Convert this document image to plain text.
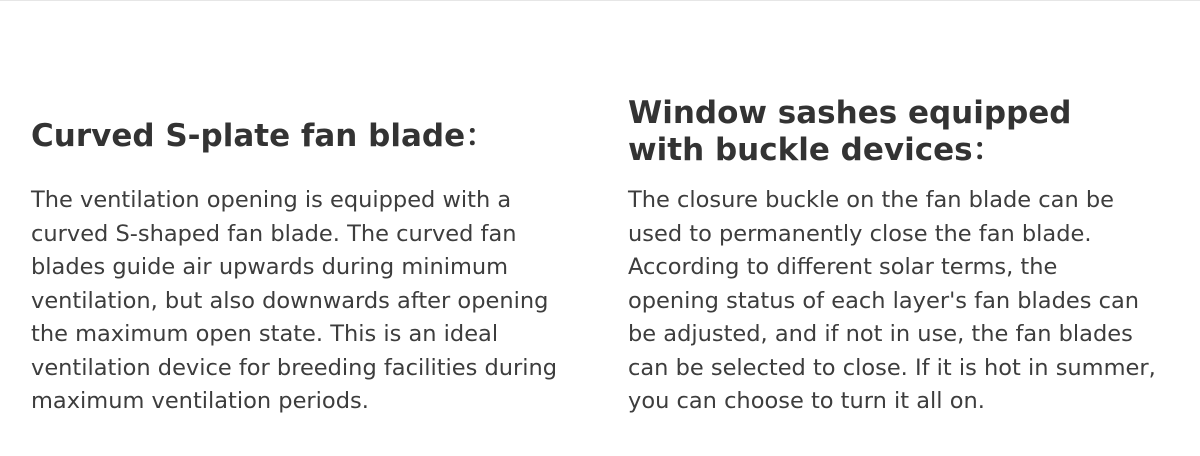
Curved S-plate fan blade：

The ventilation opening is equipped with a
curved S-shaped fan blade. The curved fan
blades guide air upwards during minimum
ventilation, but also downwards after opening
the maximum open state. This is an ideal
ventilation device for breeding facilities during
maximum ventilation periods.

Window sashes equipped
with buckle devices：

The closure buckle on the fan blade can be
used to permanently close the fan blade.
According to different solar terms, the
opening status of each layer's fan blades can
be adjusted, and if not in use, the fan blades
can be selected to close. If it is hot in summer,
you can choose to turn it all on.
